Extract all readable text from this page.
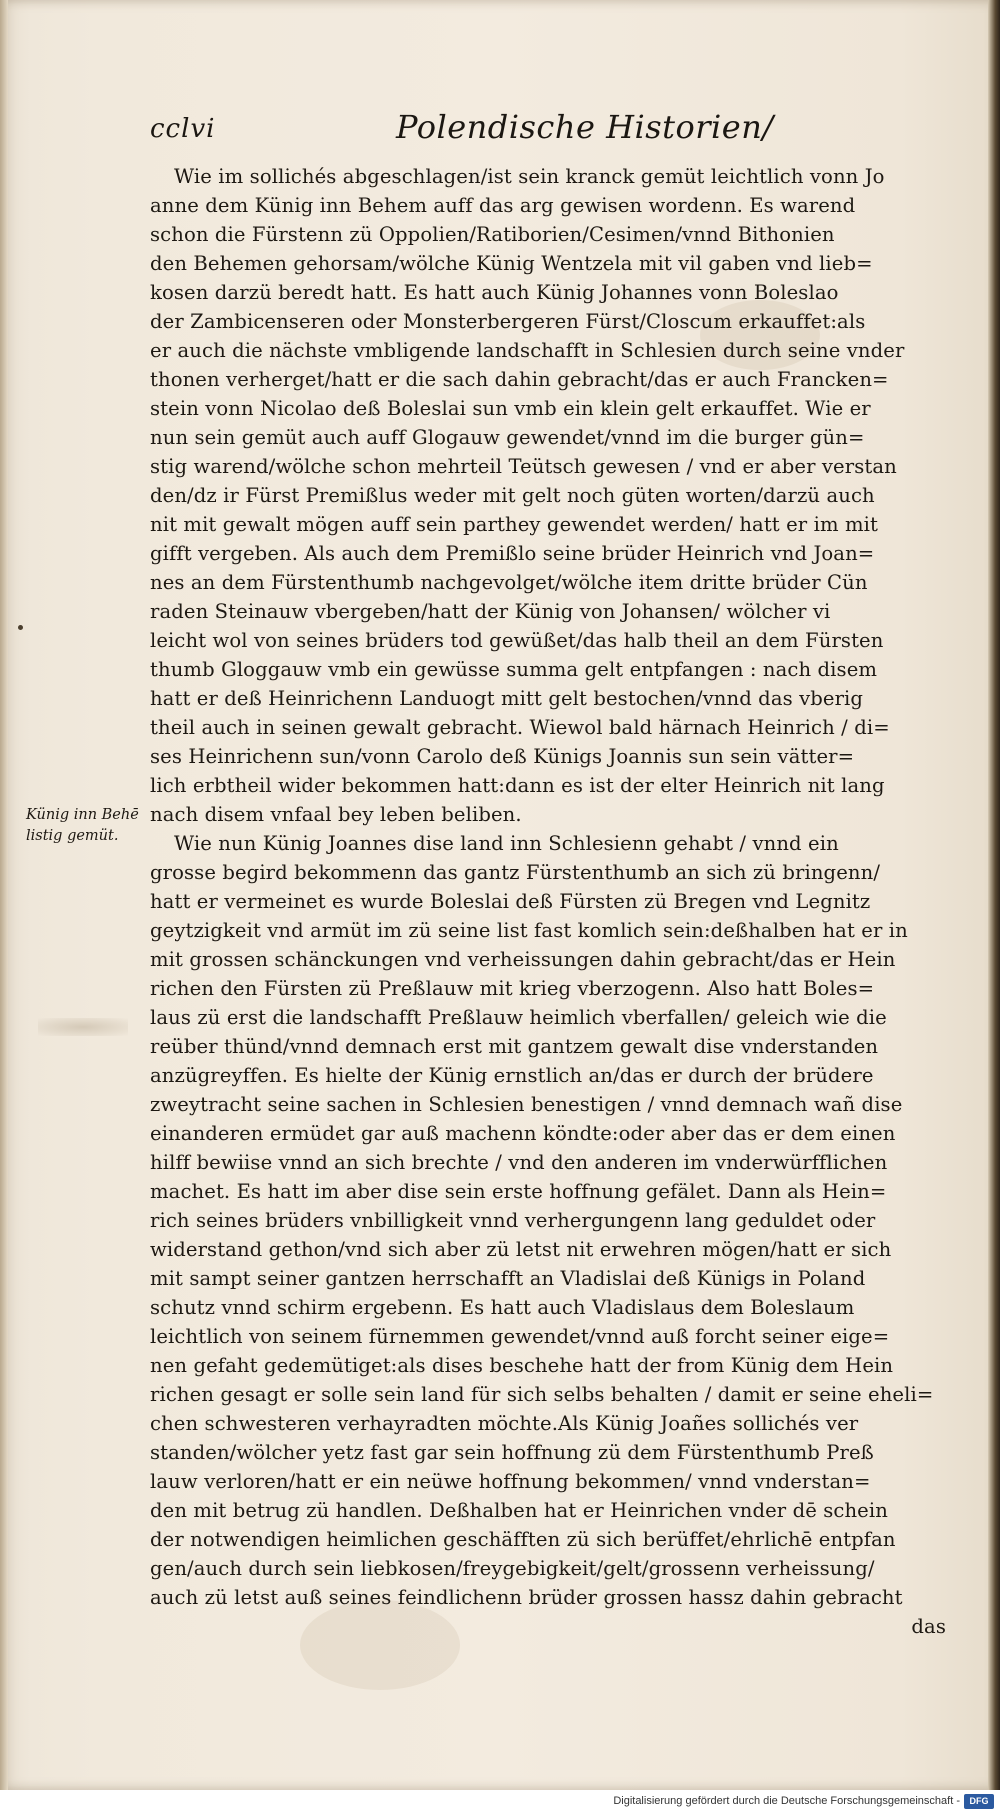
cclvi	Polendische Historien/
Künig inn Behē
listig gemüt.
Wie im sollichés abgeschlagen/ist sein kranck gemüt leichtlich vonn Jo
anne dem Künig inn Behem auff das arg gewisen wordenn. Es warend
schon die Fürstenn zü Oppolien/Ratiborien/Cesimen/vnnd Bithonien
den Behemen gehorsam/wölche Künig Wentzela mit vil gaben vnd lieb=
kosen darzü beredt hatt. Es hatt auch Künig Johannes vonn Boleslao
der Zambicenseren oder Monsterbergeren Fürst/Closcum erkauffet:als
er auch die nächste vmbligende landschafft in Schlesien durch seine vnder
thonen verherget/hatt er die sach dahin gebracht/das er auch Francken=
stein vonn Nicolao deß Boleslai sun vmb ein klein gelt erkauffet. Wie er
nun sein gemüt auch auff Glogauw gewendet/vnnd im die burger gün=
stig warend/wölche schon mehrteil Teütsch gewesen / vnd er aber verstan
den/dz ir Fürst Premißlus weder mit gelt noch güten worten/darzü auch
nit mit gewalt mögen auff sein parthey gewendet werden/ hatt er im mit
gifft vergeben. Als auch dem Premißlo seine brüder Heinrich vnd Joan=
nes an dem Fürstenthumb nachgevolget/wölche item dritte brüder Cün
raden Steinauw vbergeben/hatt der Künig von Johansen/ wölcher vi
leicht wol von seines brüders tod gewüßet/das halb theil an dem Fürsten
thumb Gloggauw vmb ein gewüsse summa gelt entpfangen : nach disem
hatt er deß Heinrichenn Landuogt mitt gelt bestochen/vnnd das vberig
theil auch in seinen gewalt gebracht. Wiewol bald härnach Heinrich / di=
ses Heinrichenn sun/vonn Carolo deß Künigs Joannis sun sein vätter=
lich erbtheil wider bekommen hatt:dann es ist der elter Heinrich nit lang
nach disem vnfaal bey leben beliben.
Wie nun Künig Joannes dise land inn Schlesienn gehabt / vnnd ein
grosse begird bekommenn das gantz Fürstenthumb an sich zü bringenn/
hatt er vermeinet es wurde Boleslai deß Fürsten zü Bregen vnd Legnitz
geytzigkeit vnd armüt im zü seine list fast komlich sein:deßhalben hat er in
mit grossen schänckungen vnd verheissungen dahin gebracht/das er Hein
richen den Fürsten zü Preßlauw mit krieg vberzogenn. Also hatt Boles=
laus zü erst die landschafft Preßlauw heimlich vberfallen/ geleich wie die
reüber thünd/vnnd demnach erst mit gantzem gewalt dise vnderstanden
anzügreyffen. Es hielte der Künig ernstlich an/das er durch der brüdere
zweytracht seine sachen in Schlesien benestigen / vnnd demnach wañ dise
einanderen ermüdet gar auß machenn köndte:oder aber das er dem einen
hilff bewiise vnnd an sich brechte / vnd den anderen im vnderwürfflichen
machet. Es hatt im aber dise sein erste hoffnung gefälet. Dann als Hein=
rich seines brüders vnbilligkeit vnnd verhergungenn lang geduldet oder
widerstand gethon/vnd sich aber zü letst nit erwehren mögen/hatt er sich
mit sampt seiner gantzen herrschafft an Vladislai deß Künigs in Poland
schutz vnnd schirm ergebenn. Es hatt auch Vladislaus dem Boleslaum
leichtlich von seinem fürnemmen gewendet/vnnd auß forcht seiner eige=
nen gefaht gedemütiget:als dises beschehe hatt der from Künig dem Hein
richen gesagt er solle sein land für sich selbs behalten / damit er seine eheli=
chen schwesteren verhayradten möchte.Als Künig Joañes sollichés ver
standen/wölcher yetz fast gar sein hoffnung zü dem Fürstenthumb Preß
lauw verloren/hatt er ein neüwe hoffnung bekommen/ vnnd vnderstan=
den mit betrug zü handlen. Deßhalben hat er Heinrichen vnder dē schein
der notwendigen heimlichen geschäfften zü sich berüffet/ehrlichē entpfan
gen/auch durch sein liebkosen/freygebigkeit/gelt/grossenn verheissung/
auch zü letst auß seines feindlichenn brüder grossen hassz dahin gebracht
das
Digitalisierung gefördert durch die Deutsche Forschungsgemeinschaft -	DFG
